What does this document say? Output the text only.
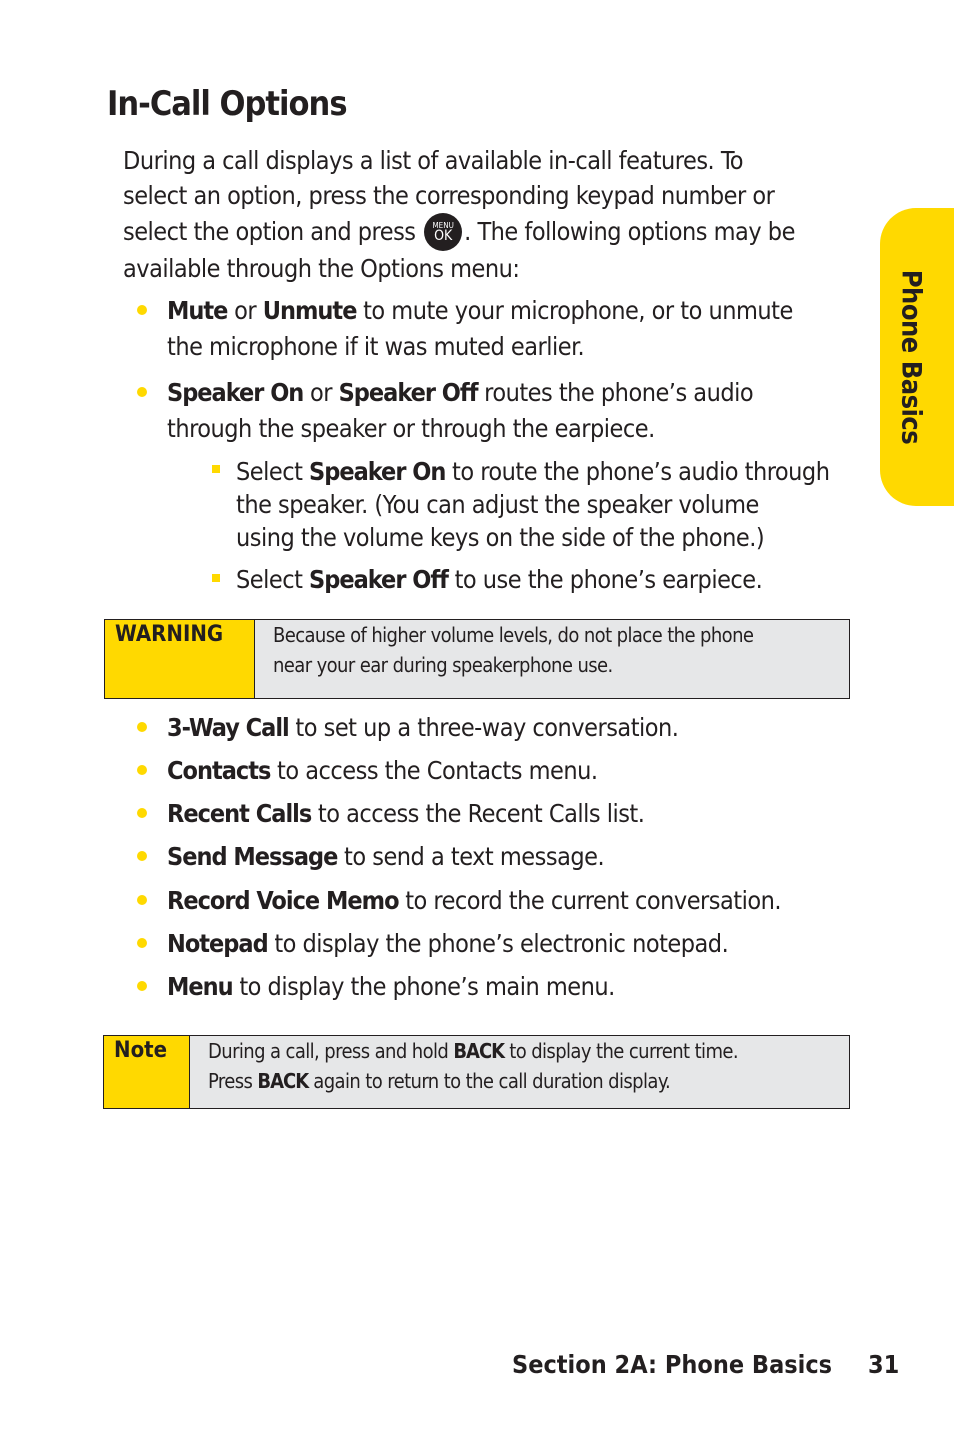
In-Call Options
During a call displays a list of available in-call features. To
select an option, press the corresponding keypad number or
select the option and press	MENU
OK . The following options may be
available through the Options menu:
Mute or Unmute to mute your microphone, or to unmute
the microphone if it was muted earlier.
Speaker On or Speaker Off routes the phone’s audio
through the speaker or through the earpiece.
Select Speaker On to route the phone’s audio through
the speaker. (You can adjust the speaker volume
using the volume keys on the side of the phone.)
Select Speaker Off to use the phone’s earpiece.
WARNING	Because of higher volume levels, do not place the phone
near your ear during speakerphone use.
3-Way Call to set up a three-way conversation.
Contacts to access the Contacts menu.
Recent Calls to access the Recent Calls list.
Send Message to send a text message.
Record Voice Memo to record the current conversation.
Notepad to display the phone’s electronic notepad.
Menu to display the phone’s main menu.
Note	During a call, press and hold BACK to display the current time.
Press BACK again to return to the call duration display.
Phone Basics
Section 2A: Phone Basics 31
